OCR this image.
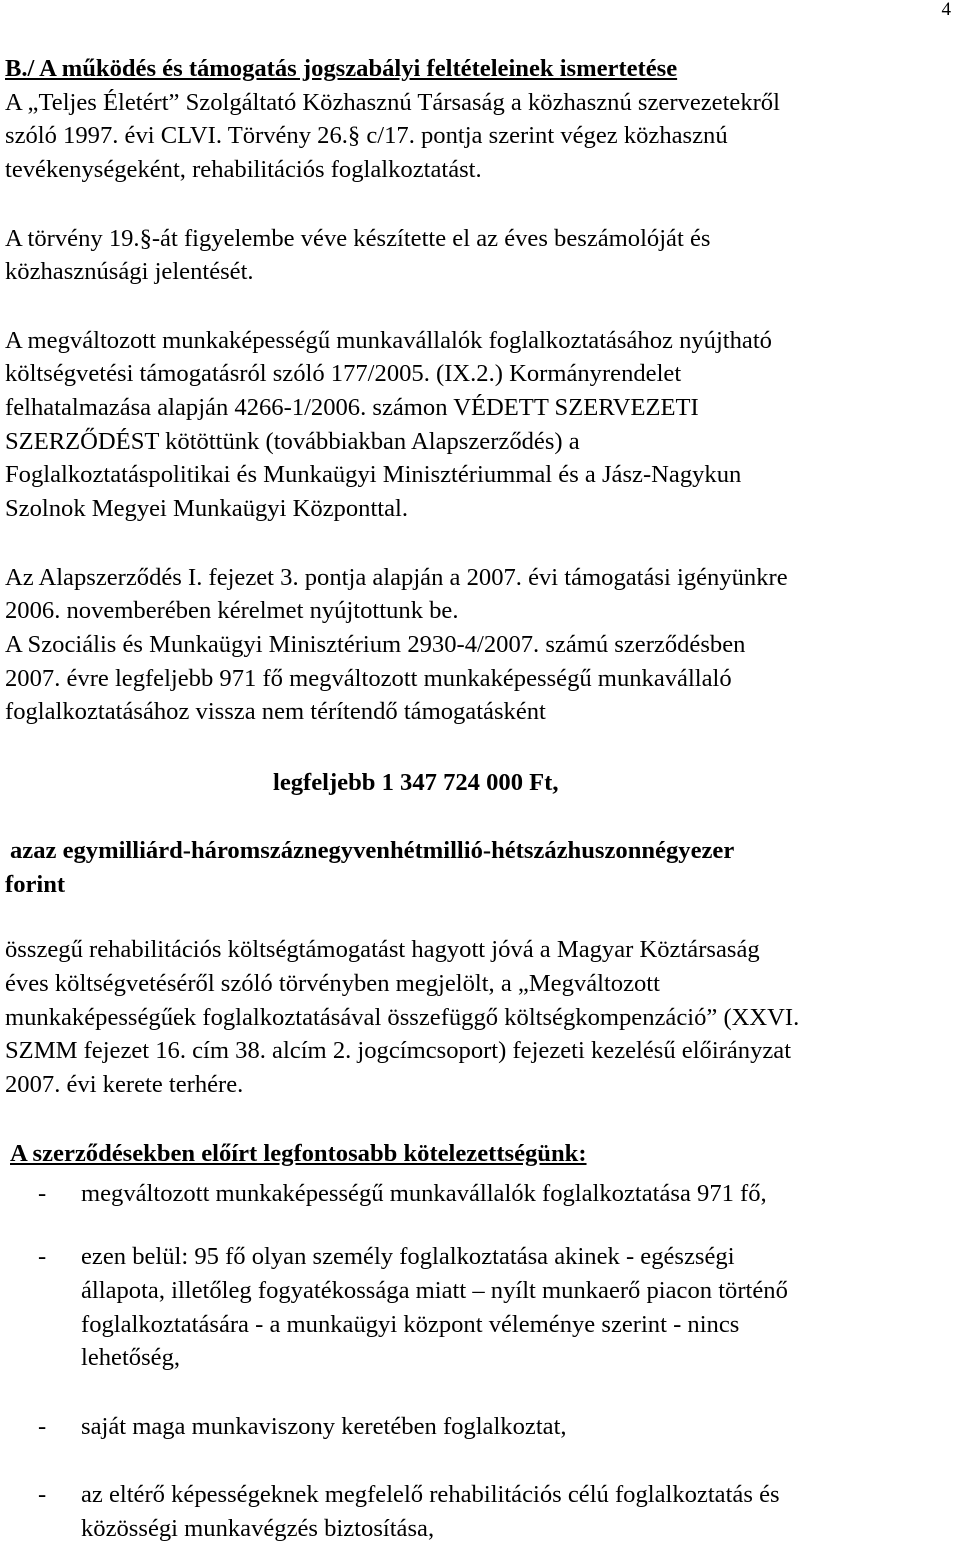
4
B./ A működés és támogatás jogszabályi feltételeinek ismertetése
A „Teljes Életért” Szolgáltató Közhasznú Társaság a közhasznú szervezetekről
szóló 1997. évi CLVI. Törvény 26.§ c/17. pontja szerint végez közhasznú
tevékenységeként, rehabilitációs foglalkoztatást.
A törvény 19.§-át figyelembe véve készítette el az éves beszámolóját és
közhasznúsági jelentését.
A megváltozott munkaképességű munkavállalók foglalkoztatásához nyújtható
költségvetési támogatásról szóló 177/2005. (IX.2.) Kormányrendelet
felhatalmazása alapján 4266-1/2006. számon VÉDETT SZERVEZETI
SZERZŐDÉST kötöttünk (továbbiakban Alapszerződés) a
Foglalkoztatáspolitikai és Munkaügyi Minisztériummal és a Jász-Nagykun
Szolnok Megyei Munkaügyi Központtal.
Az Alapszerződés I. fejezet 3. pontja alapján a 2007. évi támogatási igényünkre
2006. novemberében kérelmet nyújtottunk be.
A Szociális és Munkaügyi Minisztérium 2930-4/2007. számú szerződésben
2007. évre legfeljebb 971 fő megváltozott munkaképességű munkavállaló
foglalkoztatásához vissza nem térítendő támogatásként
legfeljebb 1 347 724 000 Ft,
azaz egymilliárd-háromszáznegyvenhétmillió-hétszázhuszonnégyezer
forint
összegű rehabilitációs költségtámogatást hagyott jóvá a Magyar Köztársaság
éves költségvetéséről szóló törvényben megjelölt, a „Megváltozott
munkaképességűek foglalkoztatásával összefüggő költségkompenzáció” (XXVI.
SZMM fejezet 16. cím 38. alcím 2. jogcímcsoport) fejezeti kezelésű előirányzat
2007. évi kerete terhére.
A szerződésekben előírt legfontosabb kötelezettségünk:
- megváltozott munkaképességű munkavállalók foglalkoztatása 971 fő,
- ezen belül: 95 fő olyan személy foglalkoztatása akinek - egészségi
állapota, illetőleg fogyatékossága miatt – nyílt munkaerő piacon történő
foglalkoztatására - a munkaügyi központ véleménye szerint - nincs
lehetőség,
- saját maga munkaviszony keretében foglalkoztat,
- az eltérő képességeknek megfelelő rehabilitációs célú foglalkoztatás és
közösségi munkavégzés biztosítása,
